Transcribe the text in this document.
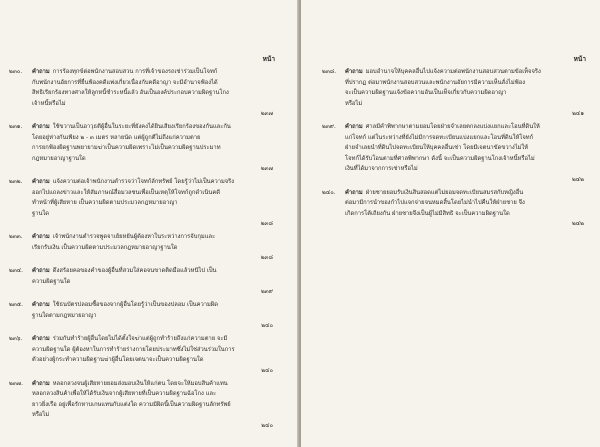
หน้า
๒๓๐.	คำถาม การร้องทุกข์ต่อพนักงานสอบสวน การที่เจ้าของรถเช่าร่วมเป็นโจทก์
กับพนักงานอัยการที่ยื่นฟ้องคดีแพ่งเกี่ยวเนื่องกับคดีอาญา จะมีอำนาจฟ้องได้
สิทธิเรียกร้องทางศาลให้ลูกหนี้ชำระหนี้แล้ว อันเป็นองค์ประกอบความผิดฐานโกง
เจ้าหนี้หรือไม่
๒๓๗
๒๓๑.	คำถาม ใช้ขวานเป็นอาวุธตีผู้อื่นในระยะที่ยังคงได้ยินเสียงเรียกร้องของกันและกัน
โดยอยู่ห่างกันเพียง ๒ - ๓ เมตร หลายนัด แต่ผู้ถูกตีไม่ถึงแก่ความตาย
การยกฟ้องผิดฐานพยายามฆ่าเป็นความผิดเพราะไม่เป็นความผิดฐานประมาท
กฎหมายอาญาฐานใด
๒๓๗
๒๓๒.	คำถาม แจ้งความต่อเจ้าพนักงานตำรวจว่าโจทก์ลักทรัพย์ โดยรู้ว่าไม่เป็นความจริง
ออกไปแถลงข่าวและให้สัมภาษณ์สื่อมวลชนเพื่อเป็นเหตุให้โจทก์ถูกดำเนินคดี
ทำหน้าที่ผู้เสียหาย เป็นความผิดตามประมวลกฎหมายอาญา
ฐานใด
๒๓๘
๒๓๓.	คำถาม เจ้าพนักงานตำรวจพูดจาเย้ยหยันผู้ต้องหาในระหว่างการจับกุมและ
เรียกรับเงิน เป็นความผิดตามประมวลกฎหมายอาญาฐานใด
๒๓๘
๒๓๔.	คำถาม ดึงสร้อยคอของคำของผู้อื่นที่สวมใส่คอจนขาดติดมือแล้วหนีไป เป็น
ความผิดฐานใด
๒๓๙
๒๓๕.	คำถาม ใช้ธนบัตรปลอมซื้อของจากผู้อื่นโดยรู้ว่าเป็นของปลอม เป็นความผิด
ฐานใดตามกฎหมายอาญา
๒๔๐
๒๓๖.	คำถาม ร่วมกันทำร้ายผู้อื่นโดยไม่ได้ตั้งใจฆ่าแต่ผู้ถูกทำร้ายถึงแก่ความตาย จะมี
ความผิดฐานใด ผู้ต้องหาในการทำร้ายร่างกายโดยประมาทซึ่งไม่ใช่ส่วนร่วมในการ
ตัวอย่างผู้กระทำความผิดฐานฆ่าผู้อื่นโดยเจตนาจะเป็นความผิดฐานใด
๒๔๐
๒๓๗.	คำถาม หลอกลวงจนผู้เสียหายยอมส่งมอบเงินให้แก่ตน โดยจะให้มอบสินค้าแทน
หลอกลวงสินค้าเพื่อให้ได้รับเงินจากผู้เสียหายที่เป็นความผิดฐานฉ้อโกง และ
ยาวยิ่งเรือ อยู่เพื่อรักหาบเกษแทนกับแต่งใด ความมีผิดนี้เป็นความผิดฐานลักทรัพย์
หรือไม่
๒๔๐
หน้า
๒๓๘.	คำถาม มอบอำนาจให้บุคคลอื่นไปแจ้งความต่อพนักงานสอบสวนตามข้อเท็จจริง
ที่ปรากฏ ต่อมาพนักงานสอบสวนและพนักงานอัยการมีความเห็นสั่งไม่ฟ้อง
จะเป็นความผิดฐานแจ้งข้อความอันเป็นเท็จเกี่ยวกับความผิดอาญา
หรือไม่
๒๔๑
๒๓๙.	คำถาม ศาลมีคำพิพากษาตามยอมโดยฝ่ายจำเลยตกลงแบ่งแยกและโอนที่ดินให้
แก่โจทก์ แต่ในระหว่างที่ยังไม่มีการจดทะเบียนแบ่งแยกและโอนที่ดินให้โจทก์
ฝ่ายจำเลยนำที่ดินไปจดทะเบียนให้บุคคลอื่นเช่า โดยมีเจตนาขัดขวางไม่ให้
โจทก์ได้รับโอนตามที่ศาลพิพากษา ดังนี้ จะเป็นความผิดฐานโกงเจ้าหนี้หรือไม่
เงินที่ได้มาจากการเช่าหรือไม่
๒๔๒
๒๔๐.	คำถาม ฝ่ายชายยอมรับเงินสินสอดแต่ไม่ยอมจดทะเบียนสมรสกับหญิงอื่น
ต่อมามีการนำของกำไปแจกจ่ายจนหมดสิ้นโดยไม่นำไปคืนให้ฝ่ายชาย จึง
เกิดการโต้เถียงกัน ฝ่ายชายจึงเป็นผู้ไม่มีสิทธิ จะเป็นความผิดฐานใด
๒๔๒
